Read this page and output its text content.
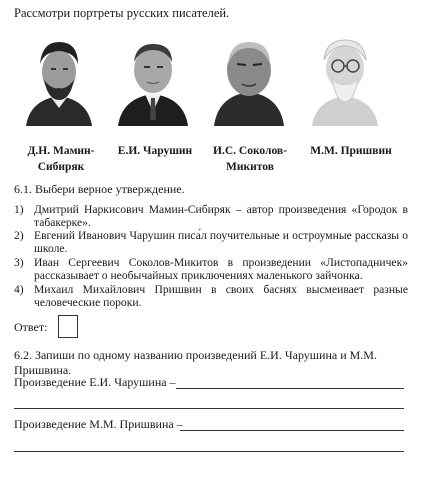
Рассмотри портреты русских писателей.
Д.Н. Мамин-
Сибиряк
Е.И. Чарушин	И.С. Соколов-
Микитов
М.М. Пришвин
6.1. Выбери верное утверждение.
1) Дмитрий Наркисович Мамин-Сибиряк – автор произведения «Городок в табакерке».
2) Евгений Иванович Чарушин писа́л поучительные и остроумные рассказы о школе.
3) Иван Сергеевич Соколов-Микитов в произведении «Листопадничек» рассказывает о необычайных приключениях маленького зайчонка.
4) Михаил Михайлович Пришвин в своих баснях высмеивает разные человеческие пороки.
Ответ:
6.2. Запиши по одному названию произведений Е.И. Чарушина и М.М. Пришвина.
Произведение Е.И. Чарушина –
Произведение М.М. Пришвина –
